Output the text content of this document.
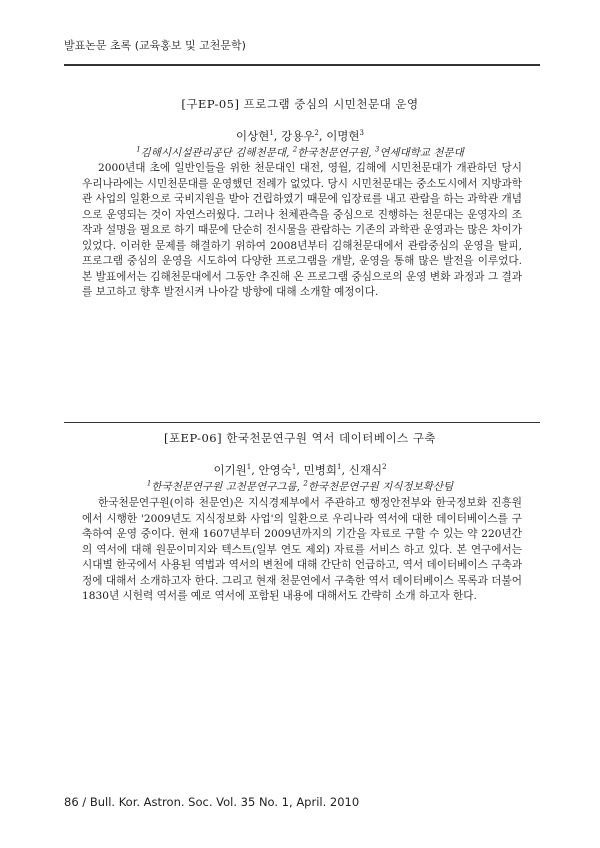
발표논문 초록 (교육홍보 및 고천문학)
[구EP-05] 프로그램 중심의 시민천문대 운영
이상현$^1$, 강용우$^2$, 이명현$^3$
$^1$김해시시설관리공단 김해천문대, $^2$한국천문연구원, $^3$연세대학교 천문대

2000년대 초에 일반인들을 위한 천문대인 대전, 영월, 김해에 시민천문대가 개관하던 당시 우리나라에는 시민천문대를 운영했던 전례가 없었다. 당시 시민천문대는 중소도시에서 지방과학관 사업의 일환으로 국비지원을 받아 건립하였기 때문에 입장료를 내고 관람을 하는 과학관 개념으로 운영되는 것이 자연스러웠다. 그러나 천체관측을 중심으로 진행하는 천문대는 운영자의 조작과 설명을 필요로 하기 때문에 단순히 전시물을 관람하는 기존의 과학관 운영과는 많은 차이가 있었다. 이러한 문제를 해결하기 위하여 2008년부터 김해천문대에서 관람중심의 운영을 탈피, 프로그램 중심의 운영을 시도하여 다양한 프로그램을 개발, 운영을 통해 많은 발전을 이루었다. 본 발표에서는 김해천문대에서 그동안 추진해 온 프로그램 중심으로의 운영 변화 과정과 그 결과를 보고하고 향후 발전시켜 나아갈 방향에 대해 소개할 예정이다.

[포EP-06] 한국천문연구원 역서 데이터베이스 구축
이기원$^1$, 안영숙$^1$, 민병희$^1$, 신재식$^2$
$^1$한국천문연구원 고천문연구그룹, $^2$한국천문연구원 지식정보확산팀

한국천문연구원(이하 천문연)은 지식경제부에서 주관하고 행정안전부와 한국정보화 진흥원에서 시행한 '2009년도 지식정보화 사업'의 일환으로 우리나라 역서에 대한 데이터베이스를 구축하여 운영 중이다. 현재 1607년부터 2009년까지의 기간을 자료로 구할 수 있는 약 220년간의 역서에 대해 원문이미지와 텍스트(일부 연도 제외) 자료를 서비스 하고 있다. 본 연구에서는 시대별 한국에서 사용된 역법과 역서의 변천에 대해 간단히 언급하고, 역서 데이터베이스 구축과정에 대해서 소개하고자 한다. 그리고 현재 천문연에서 구축한 역서 데이터베이스 목록과 더불어 1830년 시헌력 역서를 예로 역서에 포함된 내용에 대해서도 간략히 소개 하고자 한다.

86 / Bull. Kor. Astron. Soc. Vol. 35 No. 1, April. 2010
